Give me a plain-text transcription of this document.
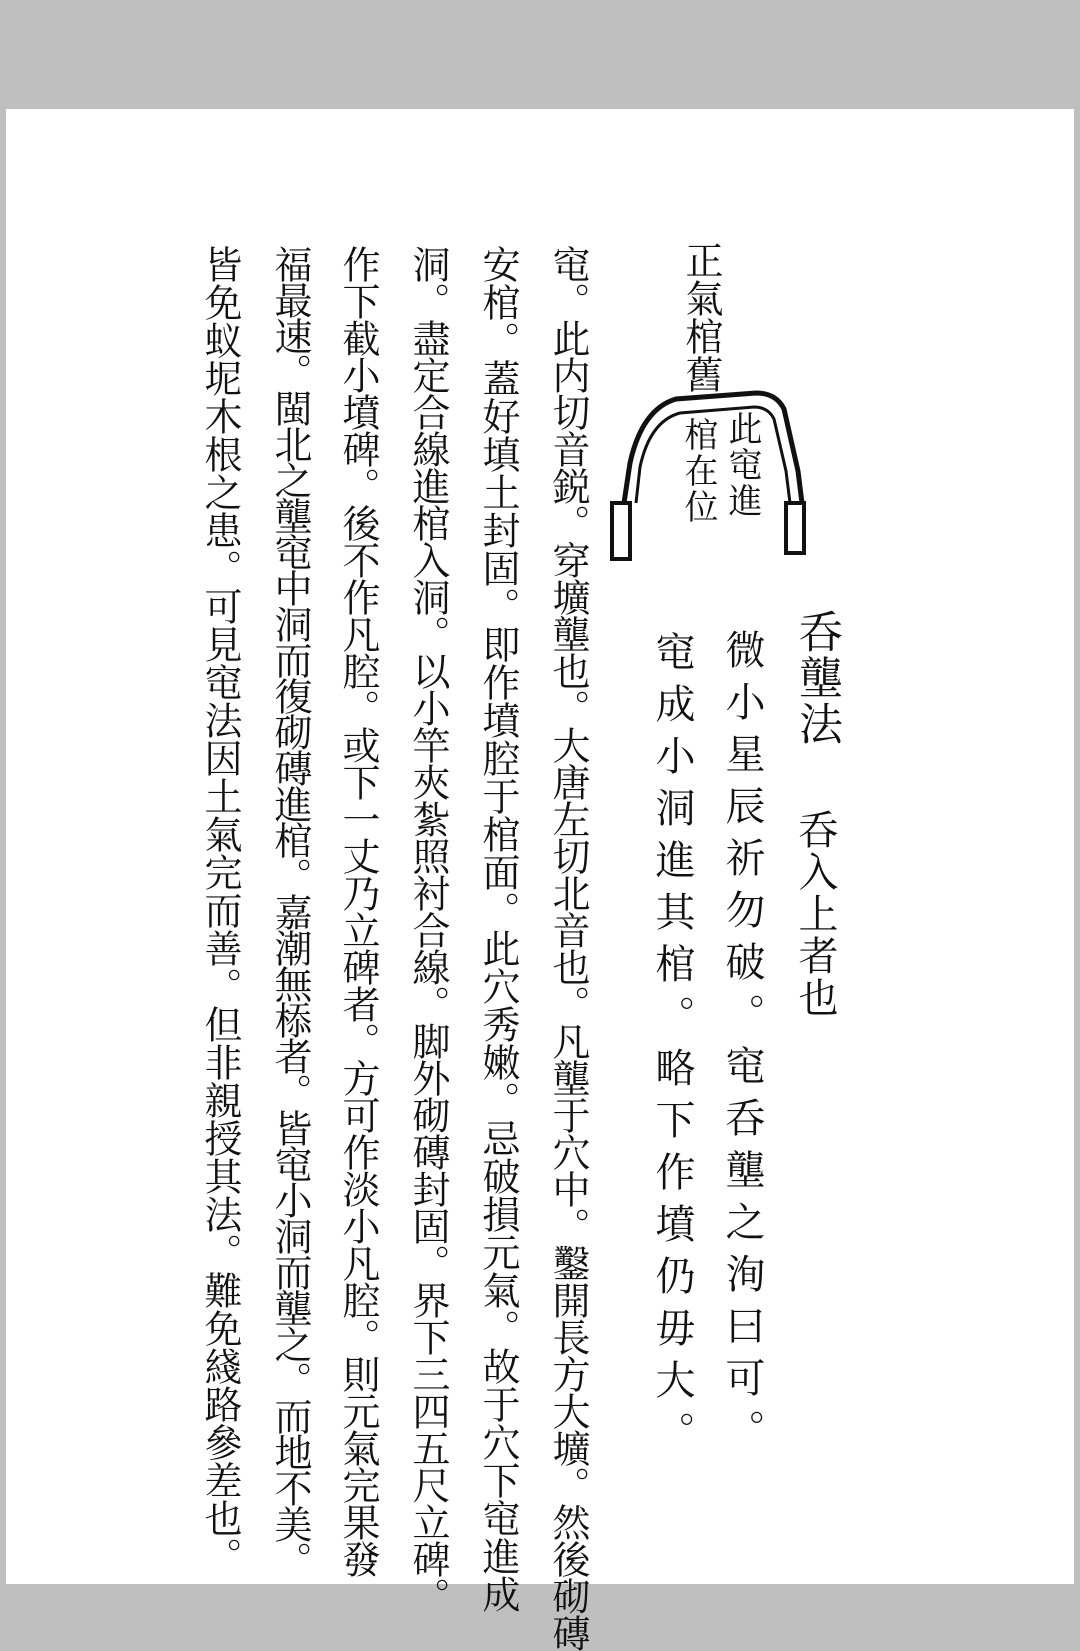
正氣棺舊
此窀進
棺在位
呑壟法
呑入上者也
微小星辰祈勿破。窀呑壟之洵曰可。
窀成小洞進其棺。略下作墳仍毋大。
窀。此内切音鋭。穿壙壟也。大唐左切北音也。凡壟于穴中。鑿開長方大壙。然後砌磚
安棺。蓋好填土封固。即作墳腔于棺面。此穴秀嫩。忌破損元氣。故于穴下窀進成
洞。盡定合線進棺入洞。以小竿夾紮照衬合線。脚外砌磚封固。界下三四五尺立碑。
作下截小墳碑。後不作凡腔。或下一丈乃立碑者。方可作淡小凡腔。則元氣完果發
福最速。閩北之壟窀中洞而復砌磚進棺。嘉潮無㮇者。皆窀小洞而壟之。而地不美。
皆免蚁坭木根之患。可見窀法因土氣完而善。但非親授其法。難免綫路參差也。
